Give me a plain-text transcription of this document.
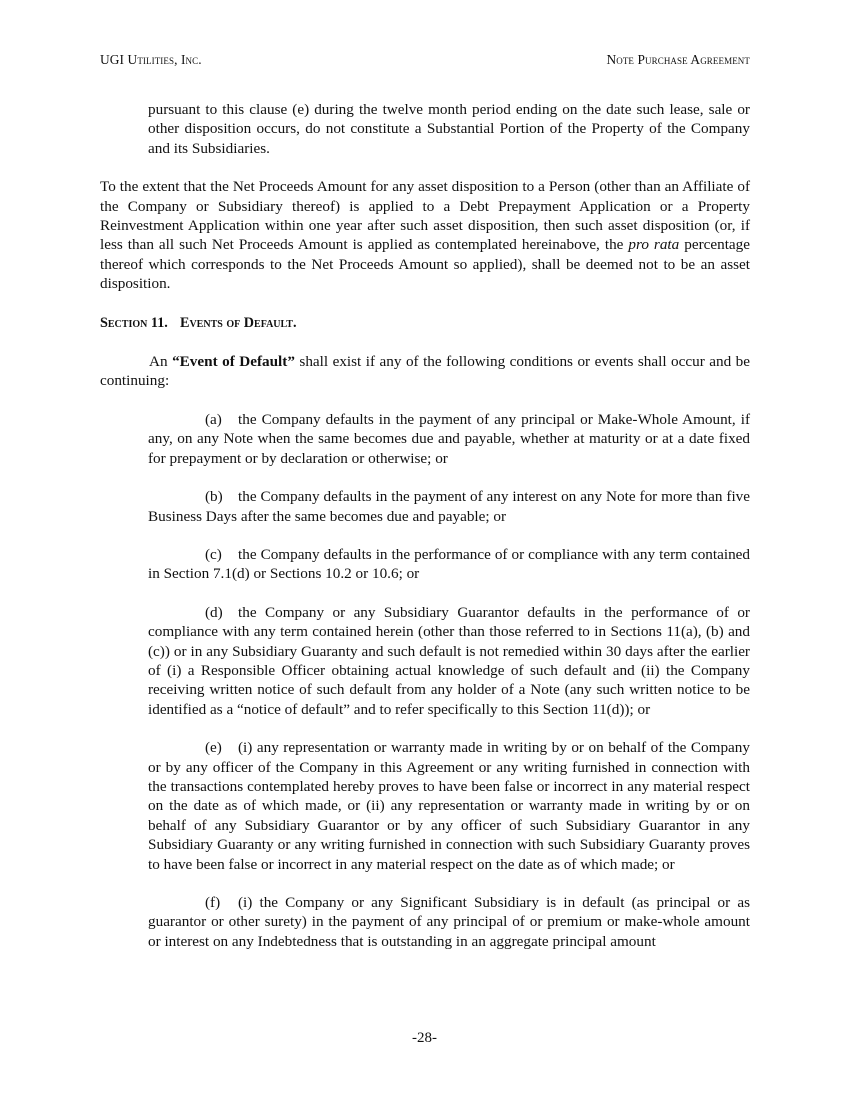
UGI Utilities, Inc.	Note Purchase Agreement

pursuant to this clause (e) during the twelve month period ending on the date such lease, sale or other disposition occurs, do not constitute a Substantial Portion of the Property of the Company and its Subsidiaries.

To the extent that the Net Proceeds Amount for any asset disposition to a Person (other than an Affiliate of the Company or Subsidiary thereof) is applied to a Debt Prepayment Application or a Property Reinvestment Application within one year after such asset disposition, then such asset disposition (or, if less than all such Net Proceeds Amount is applied as contemplated hereinabove, the pro rata percentage thereof which corresponds to the Net Proceeds Amount so applied), shall be deemed not to be an asset disposition.

Section 11. Events of Default.

An “Event of Default” shall exist if any of the following conditions or events shall occur and be continuing:

(a) the Company defaults in the payment of any principal or Make-Whole Amount, if any, on any Note when the same becomes due and payable, whether at maturity or at a date fixed for prepayment or by declaration or otherwise; or

(b) the Company defaults in the payment of any interest on any Note for more than five Business Days after the same becomes due and payable; or

(c) the Company defaults in the performance of or compliance with any term contained in Section 7.1(d) or Sections 10.2 or 10.6; or

(d) the Company or any Subsidiary Guarantor defaults in the performance of or compliance with any term contained herein (other than those referred to in Sections 11(a), (b) and (c)) or in any Subsidiary Guaranty and such default is not remedied within 30 days after the earlier of (i) a Responsible Officer obtaining actual knowledge of such default and (ii) the Company receiving written notice of such default from any holder of a Note (any such written notice to be identified as a “notice of default” and to refer specifically to this Section 11(d)); or

(e) (i) any representation or warranty made in writing by or on behalf of the Company or by any officer of the Company in this Agreement or any writing furnished in connection with the transactions contemplated hereby proves to have been false or incorrect in any material respect on the date as of which made, or (ii) any representation or warranty made in writing by or on behalf of any Subsidiary Guarantor or by any officer of such Subsidiary Guarantor in any Subsidiary Guaranty or any writing furnished in connection with such Subsidiary Guaranty proves to have been false or incorrect in any material respect on the date as of which made; or

(f) (i) the Company or any Significant Subsidiary is in default (as principal or as guarantor or other surety) in the payment of any principal of or premium or make-whole amount or interest on any Indebtedness that is outstanding in an aggregate principal amount

-28-
